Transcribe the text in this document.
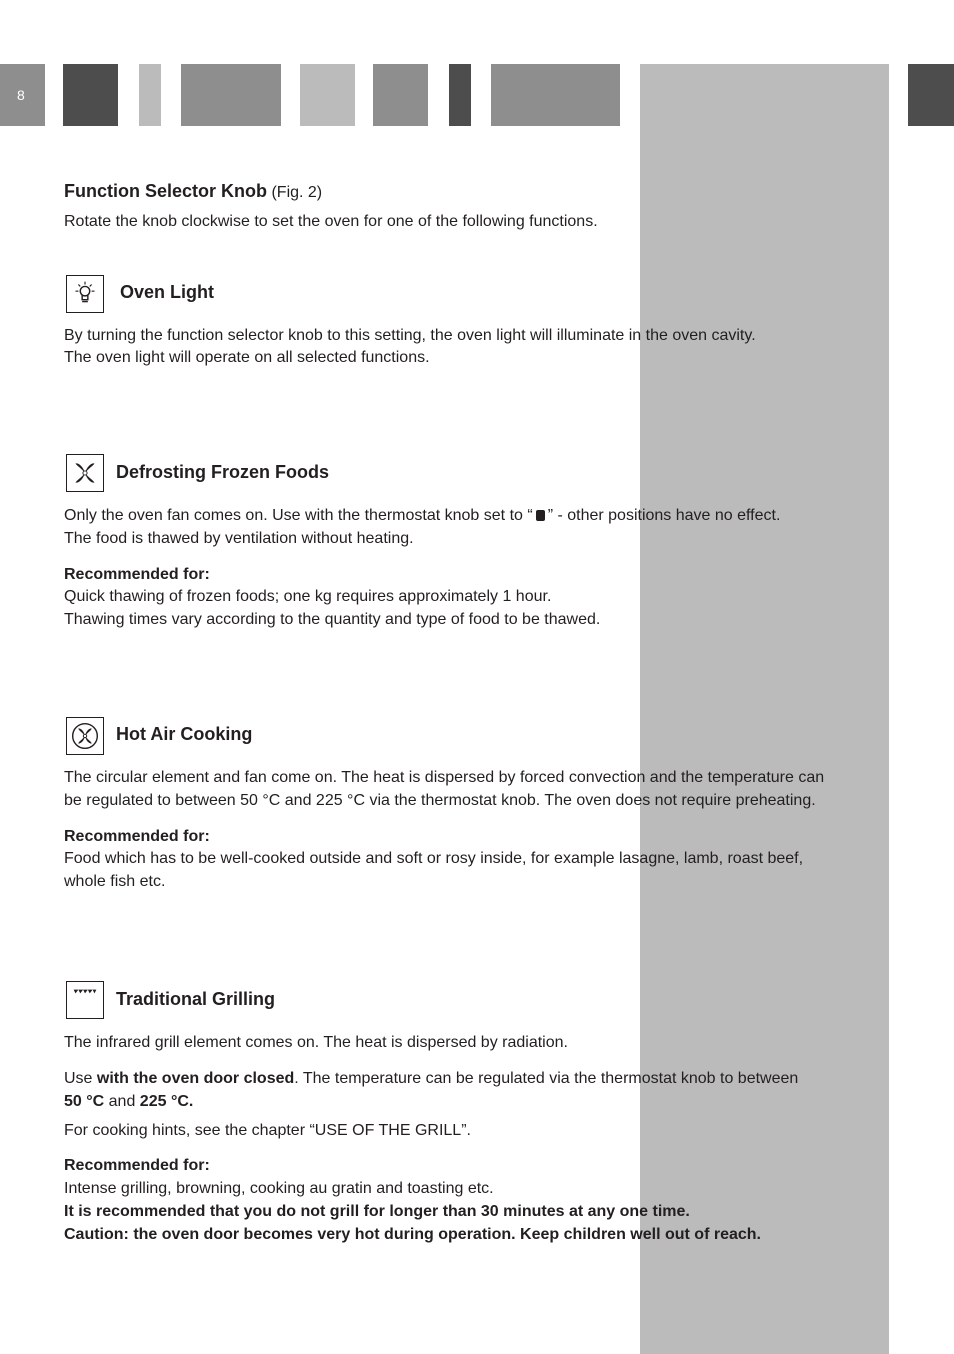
8
Function Selector Knob (Fig. 2)
Rotate the knob clockwise to set the oven for one of the following functions.
Oven Light
By turning the function selector knob to this setting, the oven light will illuminate in the oven cavity.
The oven light will operate on all selected functions.
Defrosting Frozen Foods
Only the oven fan comes on. Use with the thermostat knob set to “ ” - other positions have no effect.
The food is thawed by ventilation without heating.
Recommended for:
Quick thawing of frozen foods; one kg requires approximately 1 hour.
Thawing times vary according to the quantity and type of food to be thawed.
Hot Air Cooking
The circular element and fan come on. The heat is dispersed by forced convection and the temperature can
be regulated to between 50 °C and 225 °C via the thermostat knob. The oven does not require preheating.
Recommended for:
Food which has to be well-cooked outside and soft or rosy inside, for example lasagne, lamb, roast beef,
whole fish etc.
Traditional Grilling
The infrared grill element comes on. The heat is dispersed by radiation.
Use with the oven door closed. The temperature can be regulated via the thermostat knob to between
50 °C and 225 °C.
For cooking hints, see the chapter “USE OF THE GRILL”.
Recommended for:
Intense grilling, browning, cooking au gratin and toasting etc.
It is recommended that you do not grill for longer than 30 minutes at any one time.
Caution: the oven door becomes very hot during operation. Keep children well out of reach.
